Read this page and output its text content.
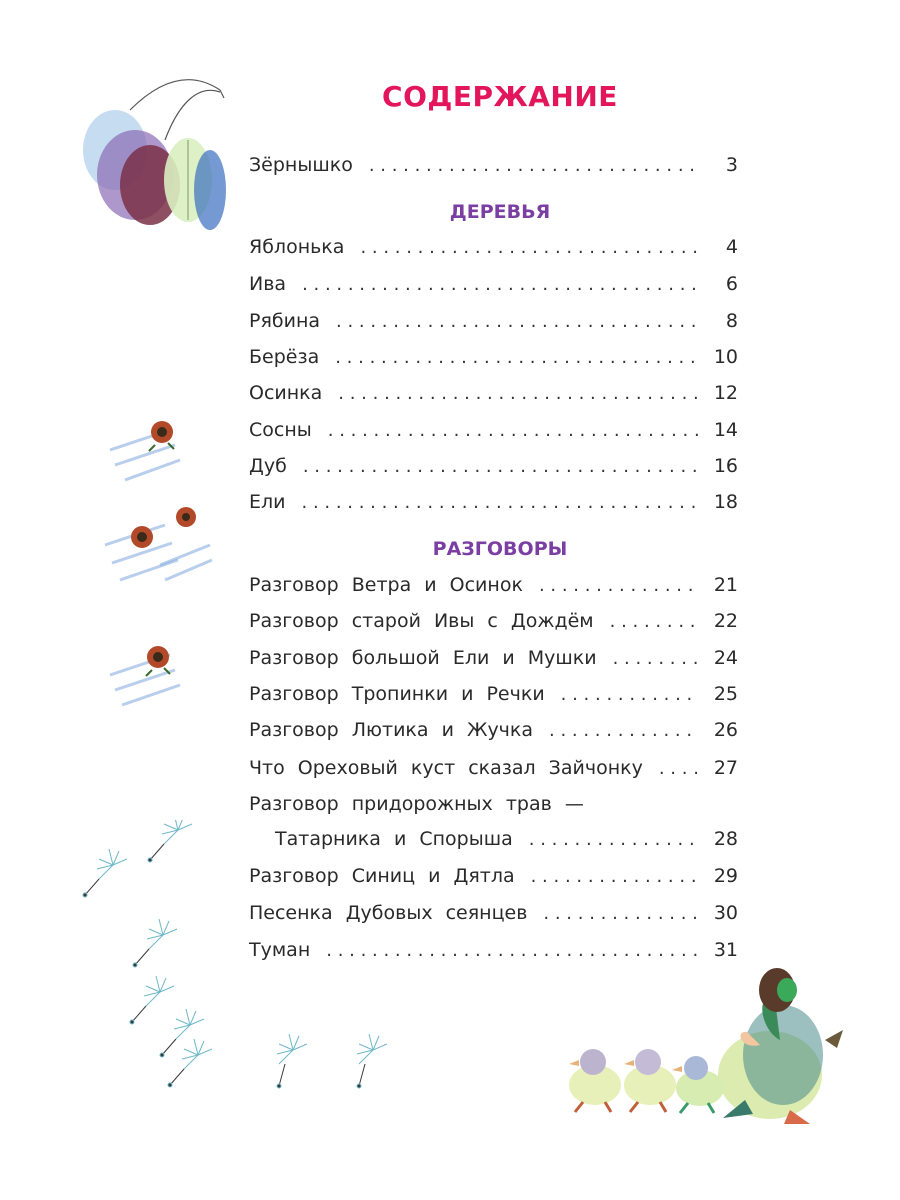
СОДЕРЖАНИЕ
Зёрнышко . . .	3
ДЕРЕВЬЯ
Яблонька . . .	4
Ива . . .	6
Рябина . . .	8
Берёза . . .	10
Осинка . . .	12
Сосны . . .	14
Дуб . . .	16
Ели . . .	18
РАЗГОВОРЫ
Разговор Ветра и Осинок . . .	21
Разговор старой Ивы с Дождём . . .	22
Разговор большой Ели и Мушки . . .	24
Разговор Тропинки и Речки . . .	25
Разговор Лютика и Жучка . . .	26
Что Ореховый куст сказал Зайчонку . . .	27
Разговор придорожных трав —
Татарника и Спорыша . . .	28
Разговор Синиц и Дятла . . .	29
Песенка Дубовых сеянцев . . .	30
Туман . . .	31
